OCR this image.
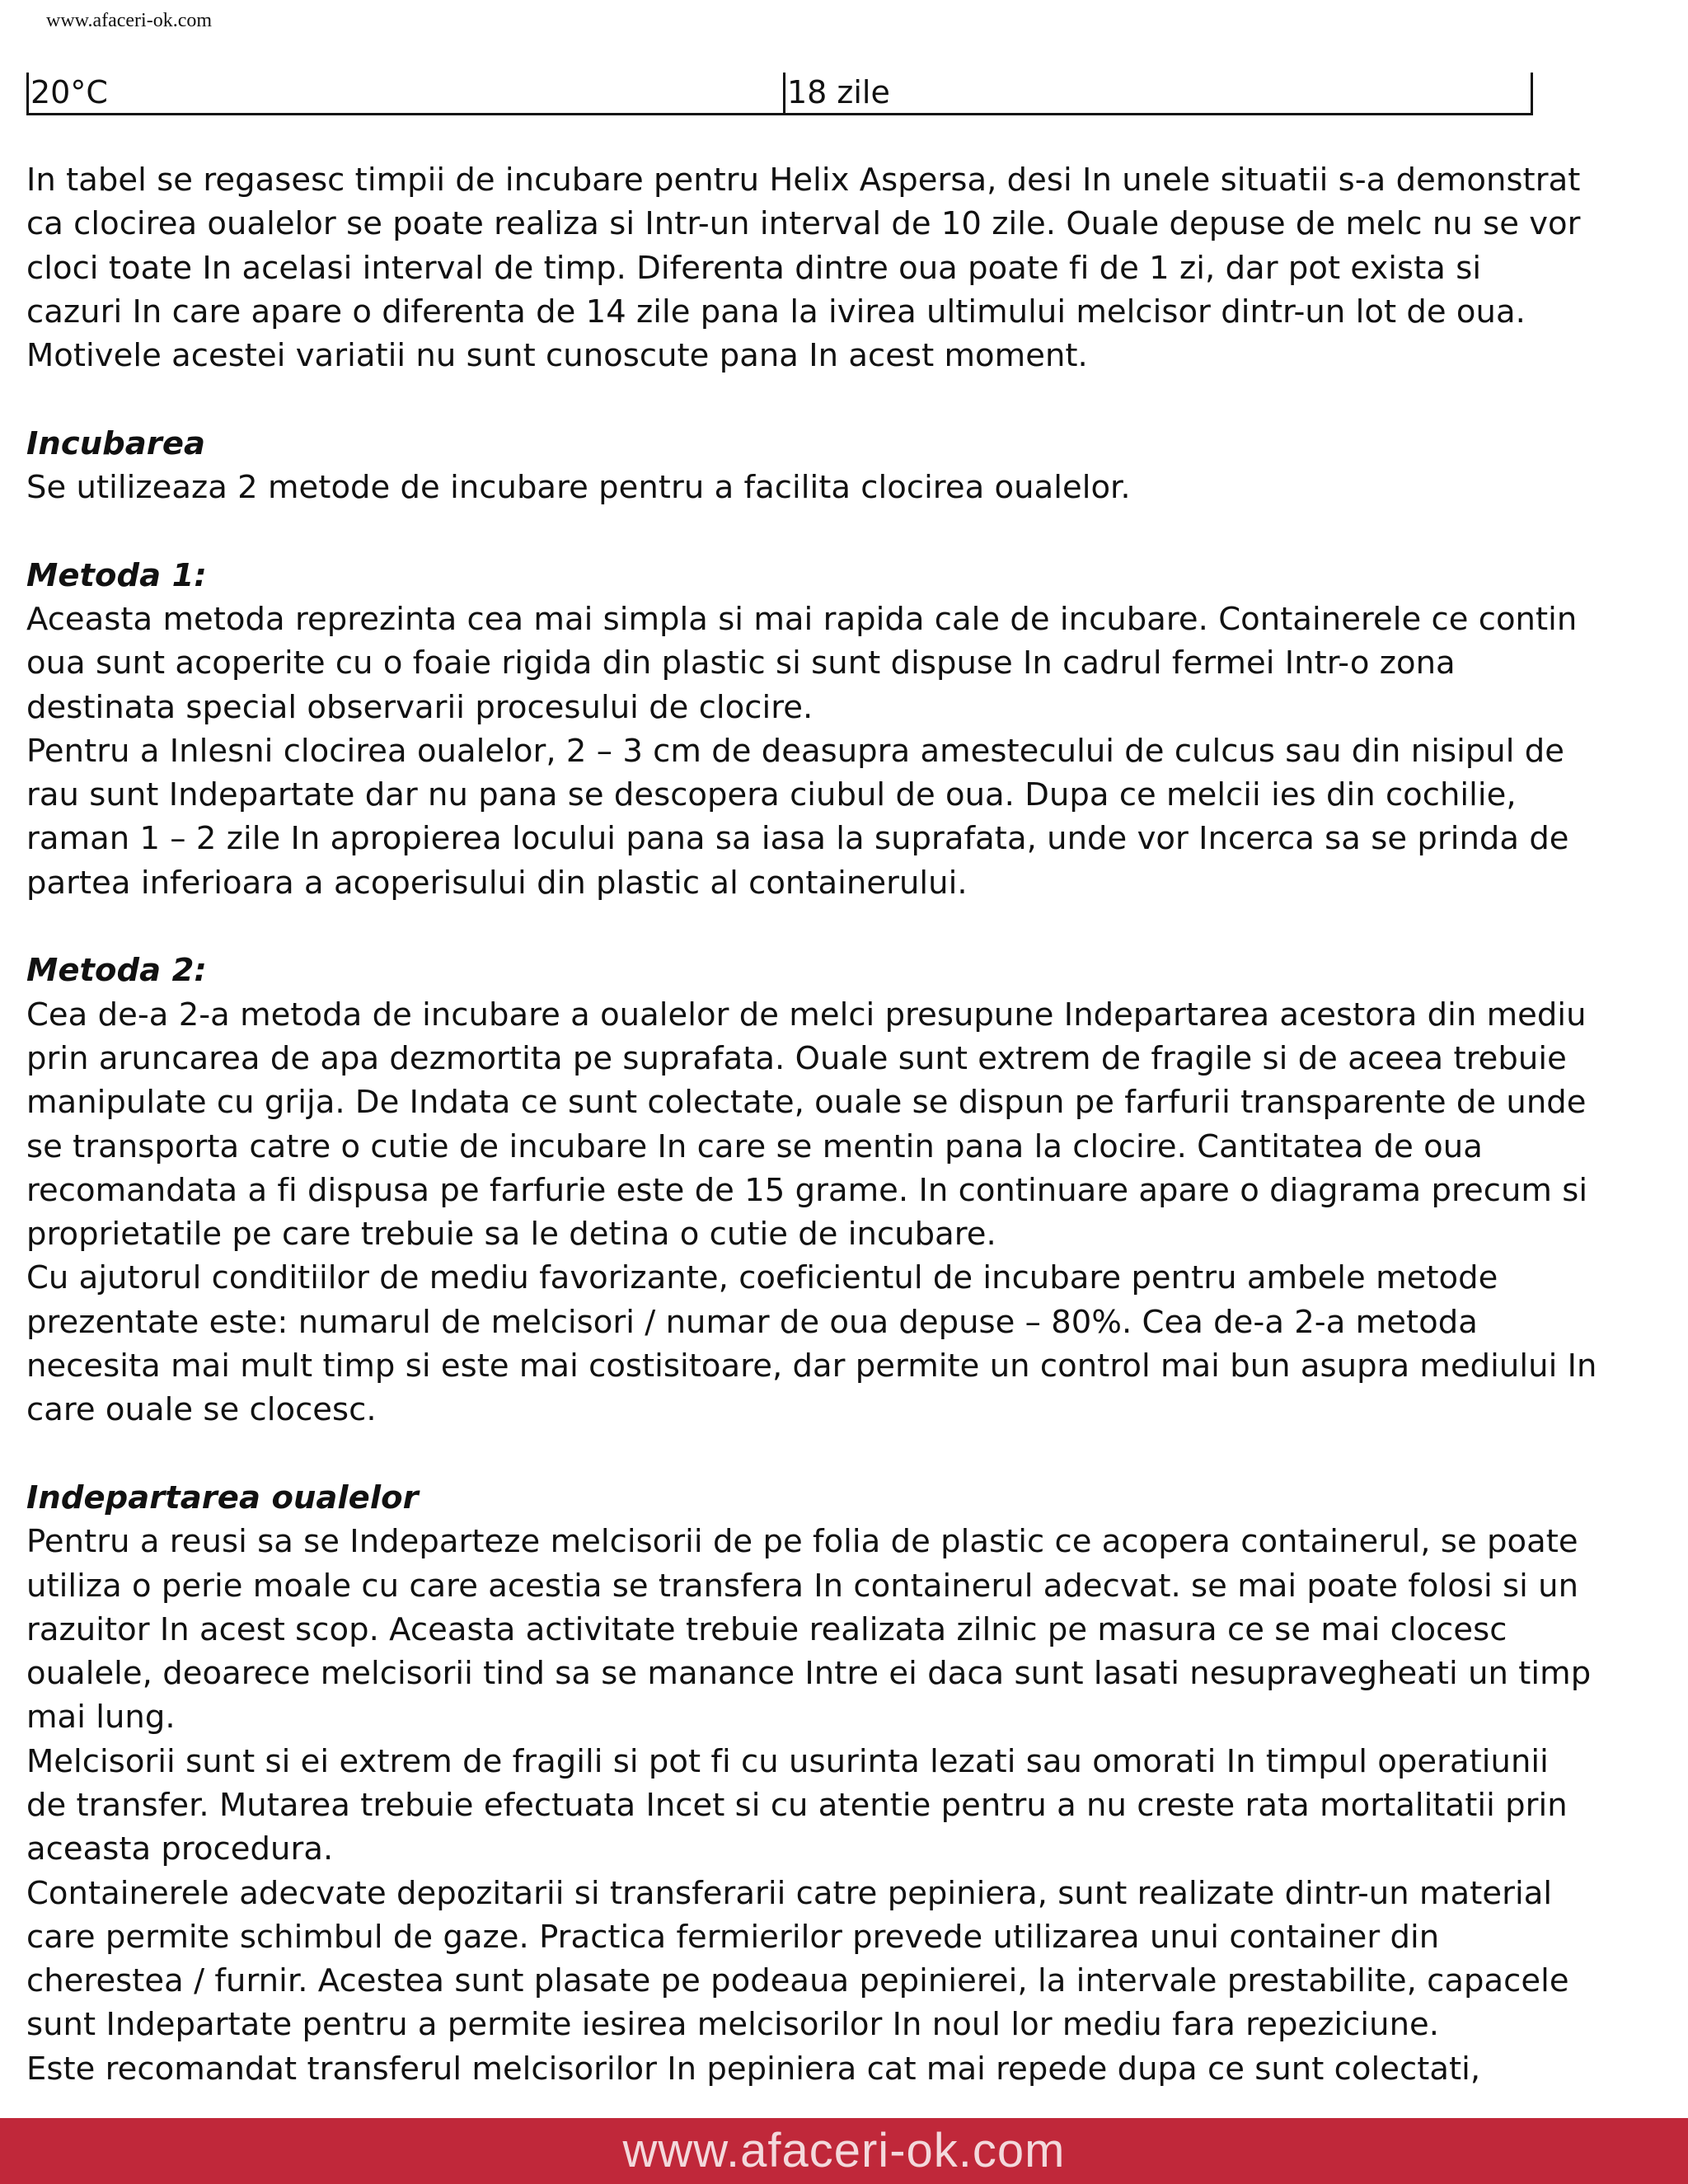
www.afaceri-ok.com
20°C	18 zile
In tabel se regasesc timpii de incubare pentru Helix Aspersa, desi In unele situatii s-a demonstrat
ca clocirea oualelor se poate realiza si Intr-un interval de 10 zile. Ouale depuse de melc nu se vor
cloci toate In acelasi interval de timp. Diferenta dintre oua poate fi de 1 zi, dar pot exista si
cazuri In care apare o diferenta de 14 zile pana la ivirea ultimului melcisor dintr-un lot de oua.
Motivele acestei variatii nu sunt cunoscute pana In acest moment.
Incubarea
Se utilizeaza 2 metode de incubare pentru a facilita clocirea oualelor.
Metoda 1:
Aceasta metoda reprezinta cea mai simpla si mai rapida cale de incubare. Containerele ce contin
oua sunt acoperite cu o foaie rigida din plastic si sunt dispuse In cadrul fermei Intr-o zona
destinata special observarii procesului de clocire.
Pentru a Inlesni clocirea oualelor, 2 – 3 cm de deasupra amestecului de culcus sau din nisipul de
rau sunt Indepartate dar nu pana se descopera ciubul de oua. Dupa ce melcii ies din cochilie,
raman 1 – 2 zile In apropierea locului pana sa iasa la suprafata, unde vor Incerca sa se prinda de
partea inferioara a acoperisului din plastic al containerului.
Metoda 2:
Cea de-a 2-a metoda de incubare a oualelor de melci presupune Indepartarea acestora din mediu
prin aruncarea de apa dezmortita pe suprafata. Ouale sunt extrem de fragile si de aceea trebuie
manipulate cu grija. De Indata ce sunt colectate, ouale se dispun pe farfurii transparente de unde
se transporta catre o cutie de incubare In care se mentin pana la clocire. Cantitatea de oua
recomandata a fi dispusa pe farfurie este de 15 grame. In continuare apare o diagrama precum si
proprietatile pe care trebuie sa le detina o cutie de incubare.
Cu ajutorul conditiilor de mediu favorizante, coeficientul de incubare pentru ambele metode
prezentate este: numarul de melcisori / numar de oua depuse – 80%. Cea de-a 2-a metoda
necesita mai mult timp si este mai costisitoare, dar permite un control mai bun asupra mediului In
care ouale se clocesc.
Indepartarea oualelor
Pentru a reusi sa se Indeparteze melcisorii de pe folia de plastic ce acopera containerul, se poate
utiliza o perie moale cu care acestia se transfera In containerul adecvat. se mai poate folosi si un
razuitor In acest scop. Aceasta activitate trebuie realizata zilnic pe masura ce se mai clocesc
oualele, deoarece melcisorii tind sa se manance Intre ei daca sunt lasati nesupravegheati un timp
mai lung.
Melcisorii sunt si ei extrem de fragili si pot fi cu usurinta lezati sau omorati In timpul operatiunii
de transfer. Mutarea trebuie efectuata Incet si cu atentie pentru a nu creste rata mortalitatii prin
aceasta procedura.
Containerele adecvate depozitarii si transferarii catre pepiniera, sunt realizate dintr-un material
care permite schimbul de gaze. Practica fermierilor prevede utilizarea unui container din
cherestea / furnir. Acestea sunt plasate pe podeaua pepinierei, la intervale prestabilite, capacele
sunt Indepartate pentru a permite iesirea melcisorilor In noul lor mediu fara repeziciune.
Este recomandat transferul melcisorilor In pepiniera cat mai repede dupa ce sunt colectati,
www.afaceri-ok.com
